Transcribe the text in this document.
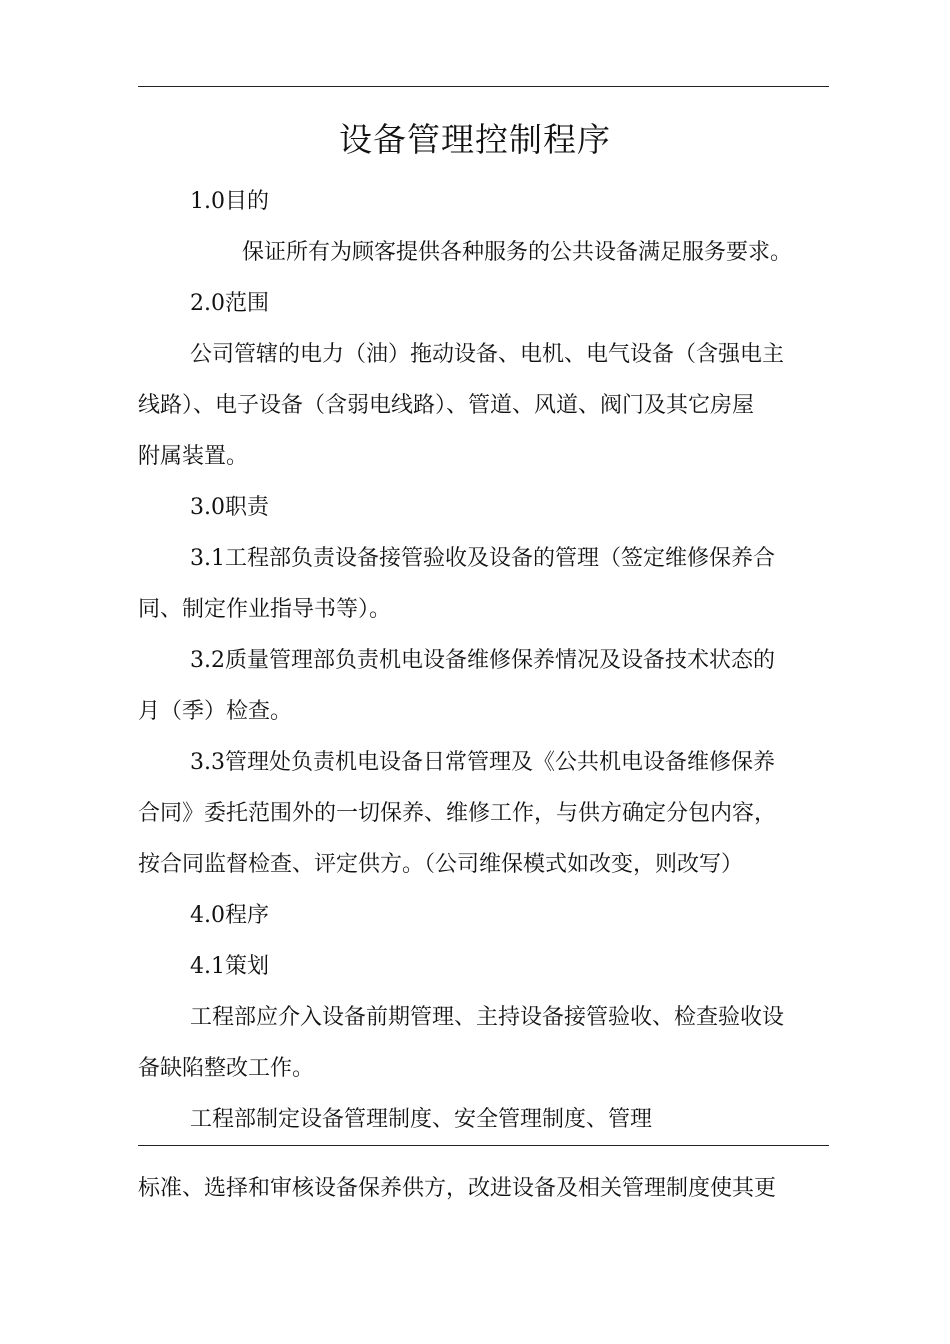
设备管理控制程序
1.0目的
保证所有为顾客提供各种服务的公共设备满足服务要求。
2.0范围
公司管辖的电力（油）拖动设备、电机、电气设备（含强电主
线路）、电子设备（含弱电线路）、管道、风道、阀门及其它房屋
附属装置。
3.0职责
3.1工程部负责设备接管验收及设备的管理（签定维修保养合
同、制定作业指导书等）。
3.2质量管理部负责机电设备维修保养情况及设备技术状态的
月（季）检查。
3.3管理处负责机电设备日常管理及《公共机电设备维修保养
合同》委托范围外的一切保养、维修工作，与供方确定分包内容，
按合同监督检查、评定供方。（公司维保模式如改变，则改写）
4.0程序
4.1策划
工程部应介入设备前期管理、主持设备接管验收、检查验收设
备缺陷整改工作。
工程部制定设备管理制度、安全管理制度、管理
标准、选择和审核设备保养供方，改进设备及相关管理制度使其更
